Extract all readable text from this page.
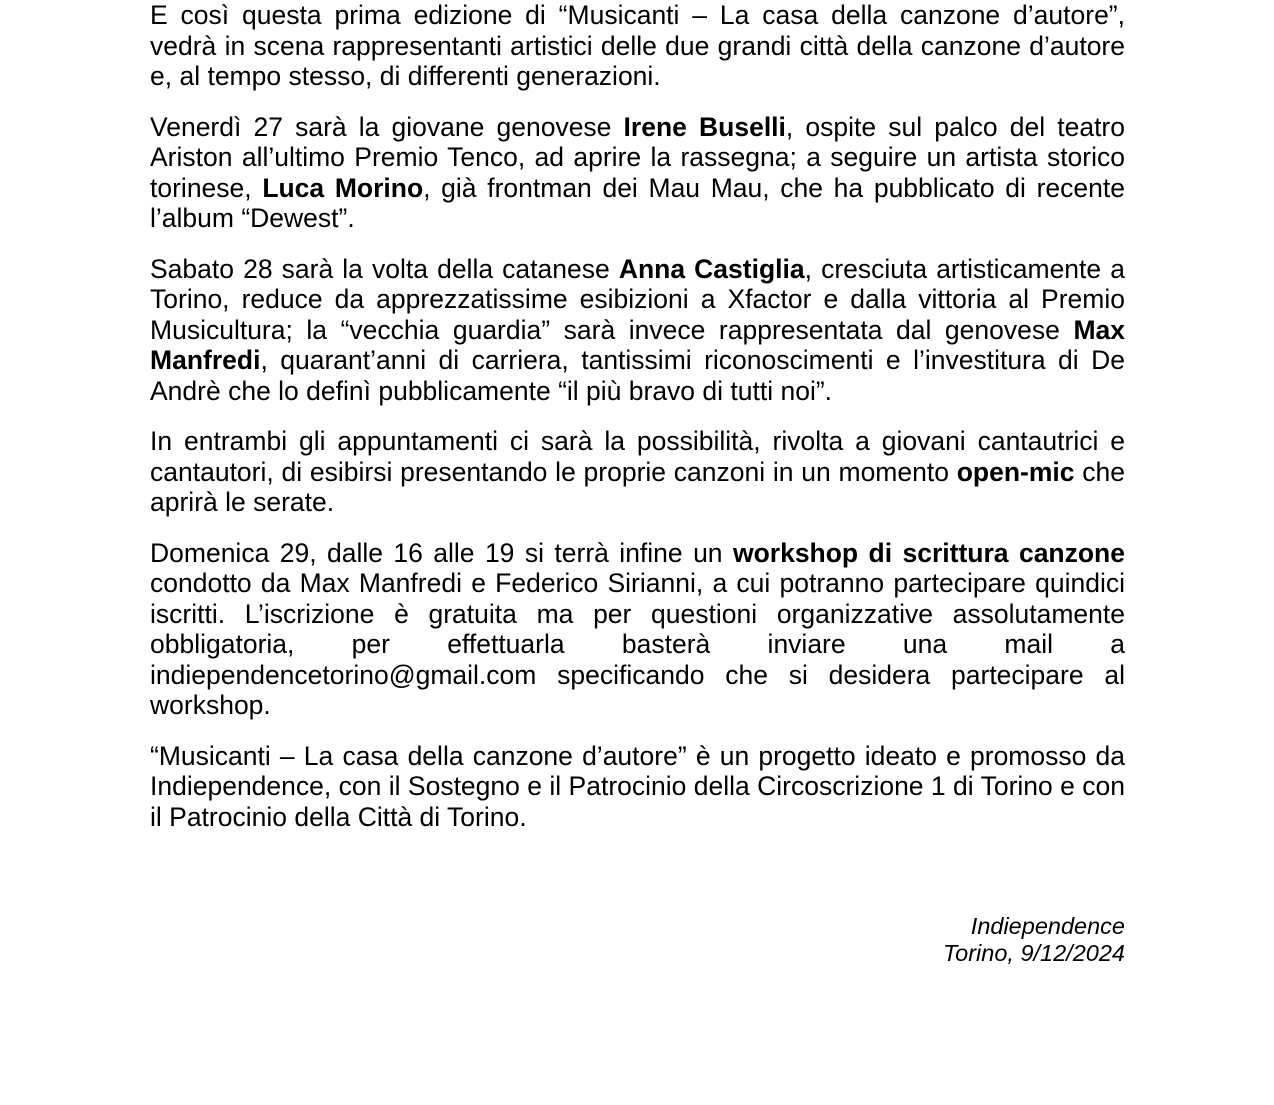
E così questa prima edizione di “Musicanti – La casa della canzone d’autore”, vedrà in scena rappresentanti artistici delle due grandi città della canzone d’autore e, al tempo stesso, di differenti generazioni.

Venerdì 27 sarà la giovane genovese Irene Buselli, ospite sul palco del teatro Ariston all’ultimo Premio Tenco, ad aprire la rassegna; a seguire un artista storico torinese, Luca Morino, già frontman dei Mau Mau, che ha pubblicato di recente l’album “Dewest”.

Sabato 28 sarà la volta della catanese Anna Castiglia, cresciuta artisticamente a Torino, reduce da apprezzatissime esibizioni a Xfactor e dalla vittoria al Premio Musicultura; la “vecchia guardia” sarà invece rappresentata dal genovese Max Manfredi, quarant’anni di carriera, tantissimi riconoscimenti e l’investitura di De Andrè che lo definì pubblicamente “il più bravo di tutti noi”.

In entrambi gli appuntamenti ci sarà la possibilità, rivolta a giovani cantautrici e cantautori, di esibirsi presentando le proprie canzoni in un momento open-mic che aprirà le serate.

Domenica 29, dalle 16 alle 19 si terrà infine un workshop di scrittura canzone condotto da Max Manfredi e Federico Sirianni, a cui potranno partecipare quindici iscritti. L’iscrizione è gratuita ma per questioni organizzative assolutamente obbligatoria, per effettuarla basterà inviare una mail a indiependencetorino@gmail.com specificando che si desidera partecipare al workshop.

“Musicanti – La casa della canzone d’autore” è un progetto ideato e promosso da Indiependence, con il Sostegno e il Patrocinio della Circoscrizione 1 di Torino e con il Patrocinio della Città di Torino.

Indiependence
Torino, 9/12/2024
